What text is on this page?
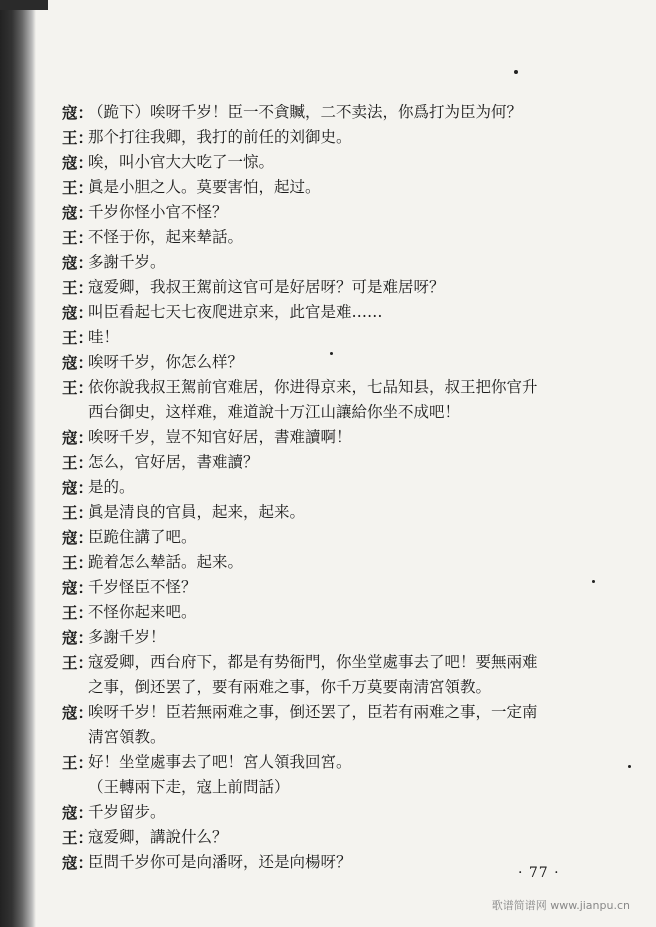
寇：
（跪下）唉呀千岁！臣一不貪贓，二不卖法，你爲打为臣为何？
王：
那个打往我卿，我打的前任的刘御史。
寇：
唉，叫小官大大吃了一惊。
王：
眞是小胆之人。莫要害怕，起过。
寇：
千岁你怪小官不怪？
王：
不怪于你，起来辇話。
寇：
多謝千岁。
王：
寇爱卿，我叔王駕前这官可是好居呀？可是难居呀？
寇：
叫臣看起七天七夜爬进京来，此官是难……
王：
哇！
寇：
唉呀千岁，你怎么样？
王：
依你說我叔王駕前官难居，你进得京来，七品知县，叔王把你官升
西台御史，这样难，难道說十万江山讓給你坐不成吧！
寇：
唉呀千岁，豈不知官好居，書难讀啊！
王：
怎么，官好居，書难讀？
寇：
是的。
王：
眞是清良的官員，起来，起来。
寇：
臣跪住講了吧。
王：
跪着怎么辇話。起来。
寇：
千岁怪臣不怪？
王：
不怪你起来吧。
寇：
多謝千岁！
王：
寇爱卿，西台府下，都是有势衙門，你坐堂處事去了吧！要無兩难
之事，倒还罢了，要有兩难之事，你千万莫要南淸宮領教。
寇：
唉呀千岁！臣若無兩难之事，倒还罢了，臣若有兩难之事，一定南
淸宮領教。
王：
好！坐堂處事去了吧！宮人領我回宮。
（王轉兩下走，寇上前問話）
寇：
千岁留步。
王：
寇爱卿，講說什么？
寇：
臣問千岁你可是向潘呀，还是向楊呀？
· 77 ·
歌谱简谱网 www.jianpu.cn
